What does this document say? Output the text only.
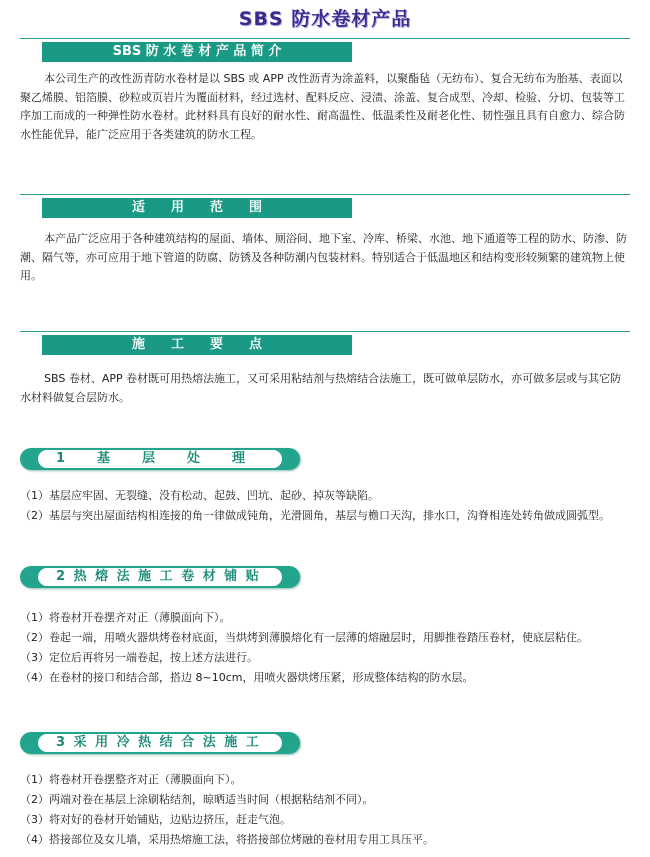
SBS 防水卷材产品
SBS 防 水 卷 材 产 品 简 介
本公司生产的改性沥青防水卷材是以 SBS 或 APP 改性沥青为涂盖料，以聚酯毡（无纺布）、复合无纺布为胎基、表面以聚乙烯膜、铝箔膜、砂粒或页岩片为覆面材料，经过选材、配料反应、浸渍、涂盖、复合成型、冷却、检验、分切、包装等工序加工而成的一种弹性防水卷材。此材料具有良好的耐水性、耐高温性、低温柔性及耐老化性、韧性强且具有自愈力、综合防水性能优异，能广泛应用于各类建筑的防水工程。
适　　用　　范　　围
本产品广泛应用于各种建筑结构的屋面、墙体、厕浴间、地下室、冷库、桥梁、水池、地下通道等工程的防水、防渗、防潮、隔气等，亦可应用于地下管道的防腐、防锈及各种防潮内包装材料。特别适合于低温地区和结构变形较频繁的建筑物上使用。
施　　工　　要　　点
SBS 卷材、APP 卷材既可用热熔法施工，又可采用粘结剂与热熔结合法施工，既可做单层防水，亦可做多层或与其它防水材料做复合层防水。
1　　基　　层　　处　　理
（1）基层应牢固、无裂缝、没有松动、起鼓、凹坑、起砂、掉灰等缺陷。
（2）基层与突出屋面结构相连接的角一律做成钝角，光滑圆角，基层与檐口天沟，排水口，沟脊相连处转角做成圆弧型。
2 热 熔 法 施 工 卷 材 铺 贴
（1）将卷材开卷摆齐对正（薄膜面向下）。
（2）卷起一端，用喷火器烘烤卷材底面，当烘烤到薄膜熔化有一层薄的熔融层时，用脚推卷踏压卷材，使底层粘住。
（3）定位后再将另一端卷起，按上述方法进行。
（4）在卷材的接口和结合部，搭边 8~10cm，用喷火器烘烤压紧，形成整体结构的防水层。
3 采 用 冷 热 结 合 法 施 工
（1）将卷材开卷摆整齐对正（薄膜面向下）。
（2）两端对卷在基层上涂刷粘结剂，晾晒适当时间（根据粘结剂不同）。
（3）将对好的卷材开始铺贴，边贴边挤压，赶走气泡。
（4）搭接部位及女儿墙，采用热熔施工法，将搭接部位烤融的卷材用专用工具压平。
